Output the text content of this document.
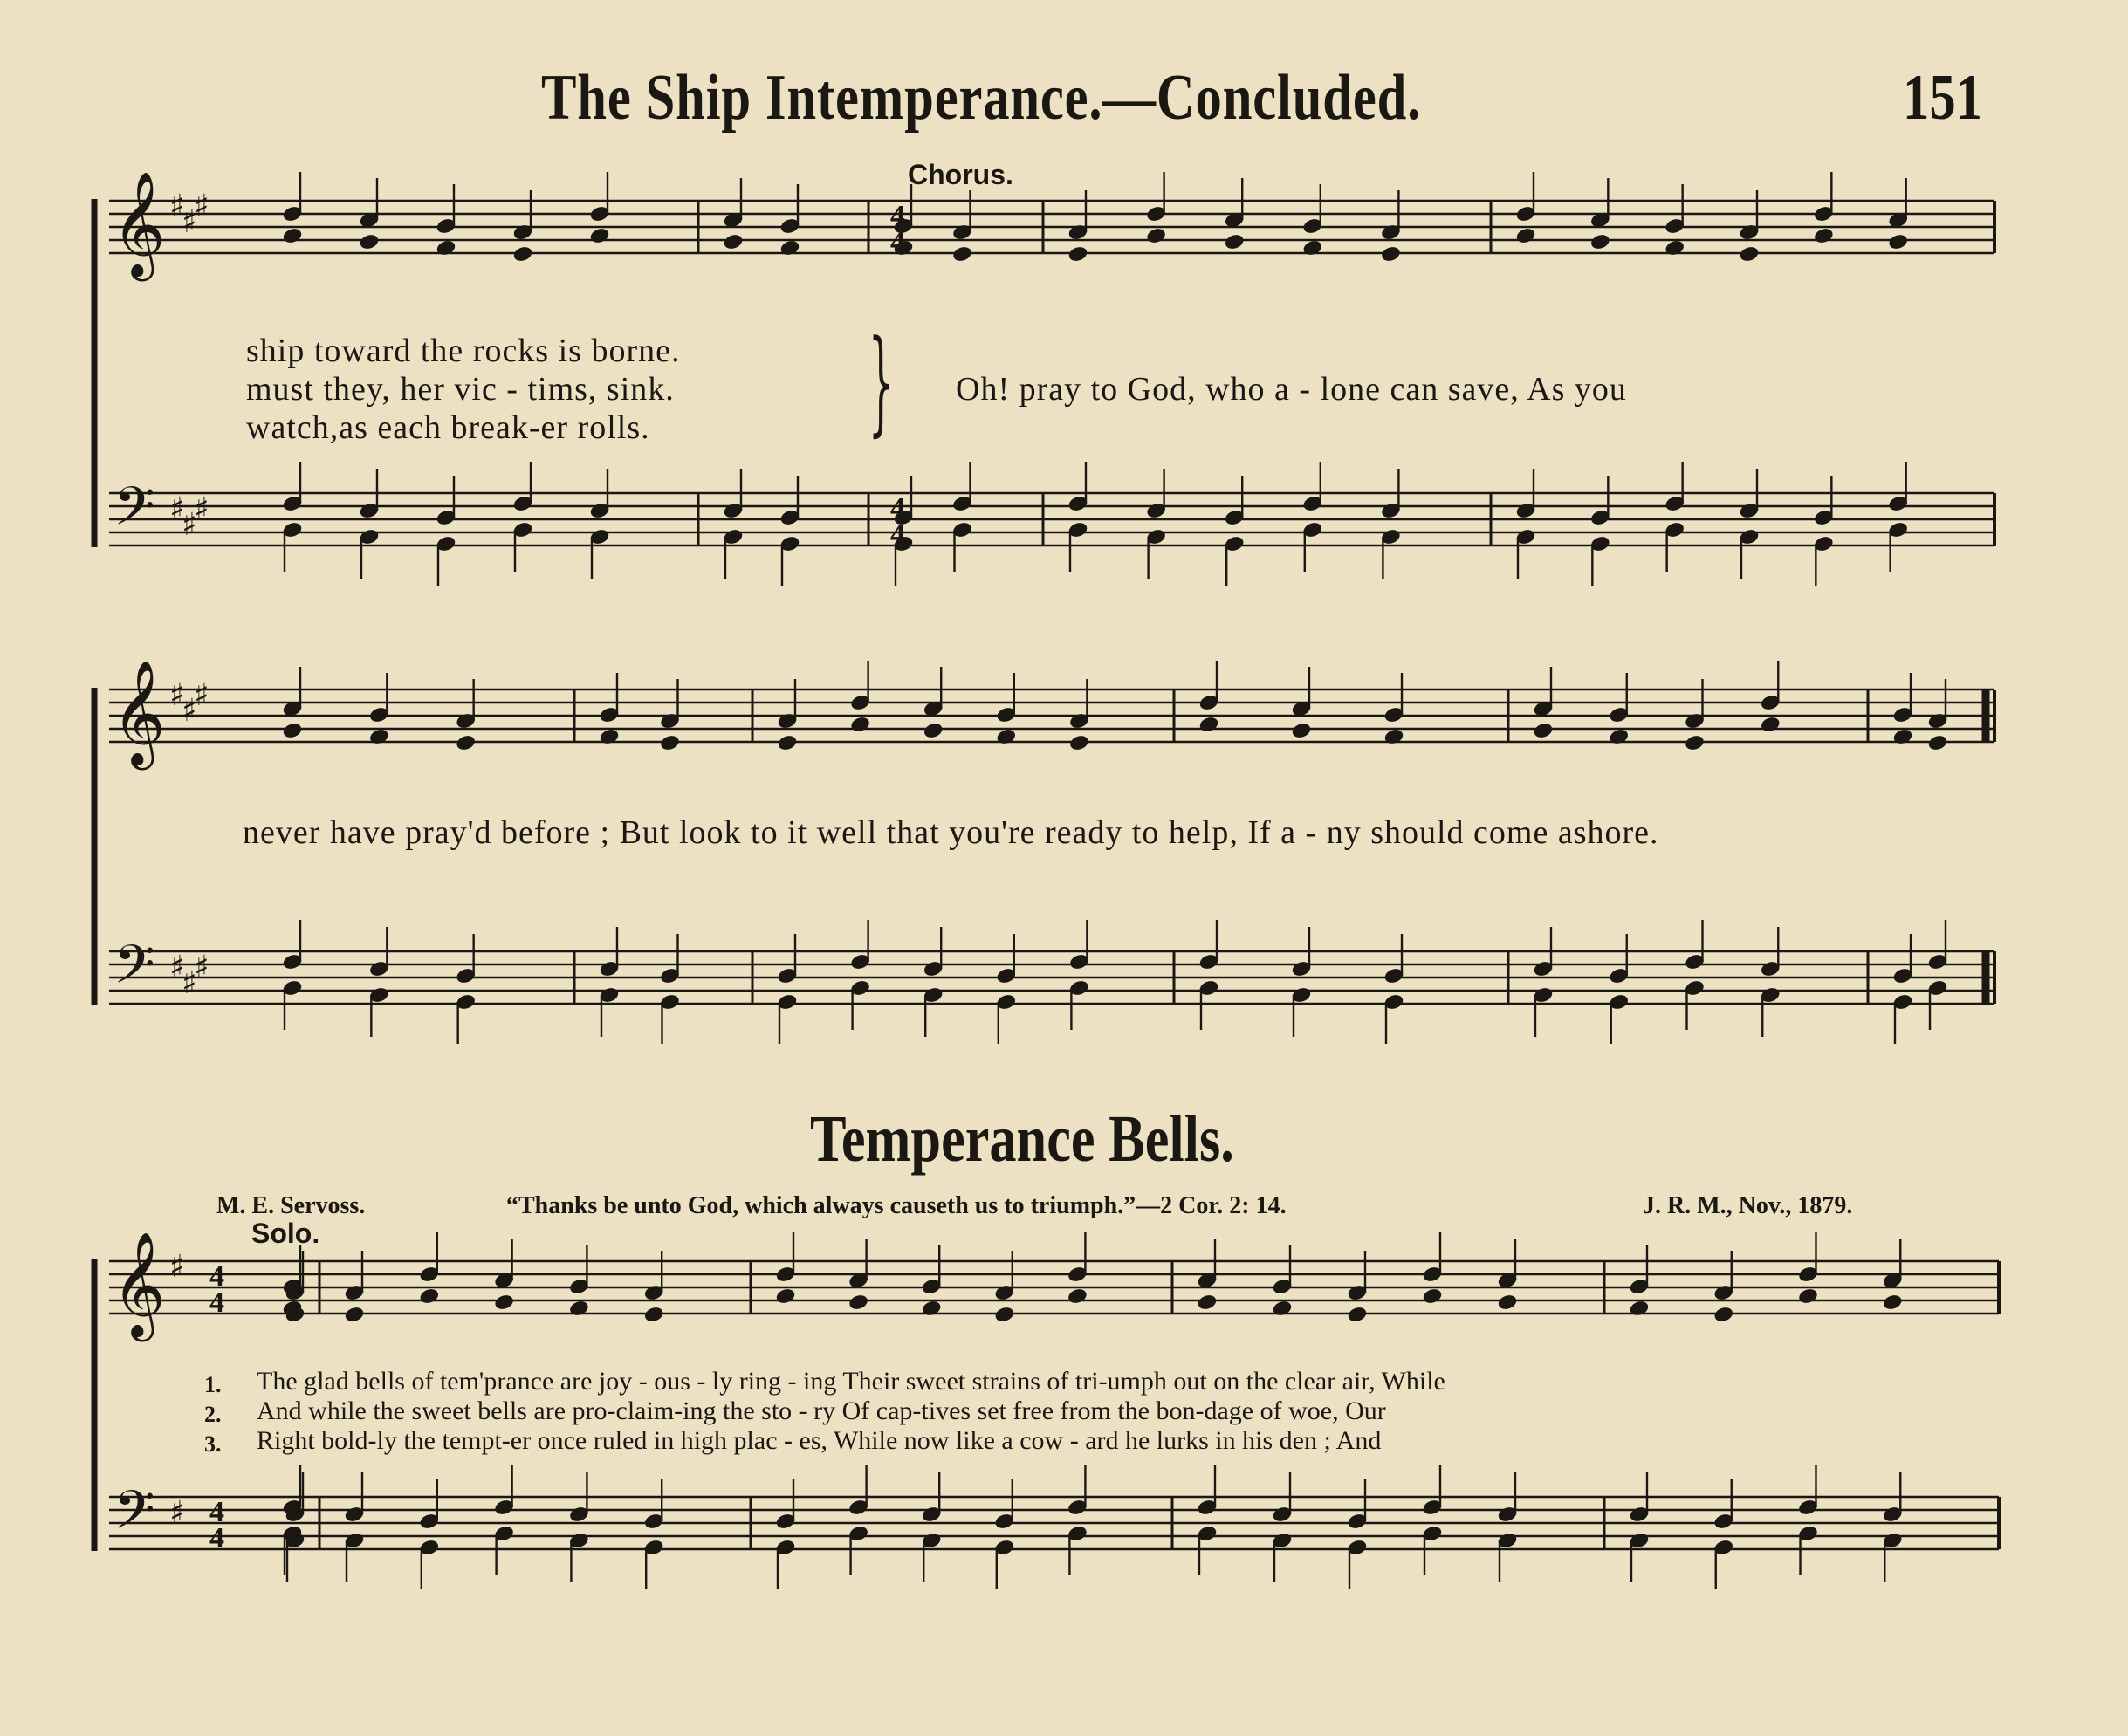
The Ship Intemperance.—Concluded.	151
𝄞
𝄢
♯
♯
♯
♯
♯
♯
4
4
4
4
𝄞
𝄢
♯
♯
♯
♯
♯
♯
𝄞
𝄢
♯
♯
4
4
4
4
Chorus.
ship toward the rocks is borne.
must they, her vic - tims, sink.
watch,as each break-er rolls. } Oh! pray to God, who a - lone can save, As you
never have pray'd before ; But look to it well that you're ready to help, If a - ny should come ashore.
Temperance Bells.
M. E. Servoss.	“Thanks be unto God, which always causeth us to triumph.”—2 Cor. 2: 14.	J. R. M., Nov., 1879.
Solo.
1. The glad bells of tem'prance are joy - ous - ly ring - ing Their sweet strains of tri-umph out on the clear air, While
2. And while the sweet bells are pro-claim-ing the sto - ry Of cap-tives set free from the bon-dage of woe, Our
3. Right bold-ly the tempt-er once ruled in high plac - es, While now like a cow - ard he lurks in his den ; And
